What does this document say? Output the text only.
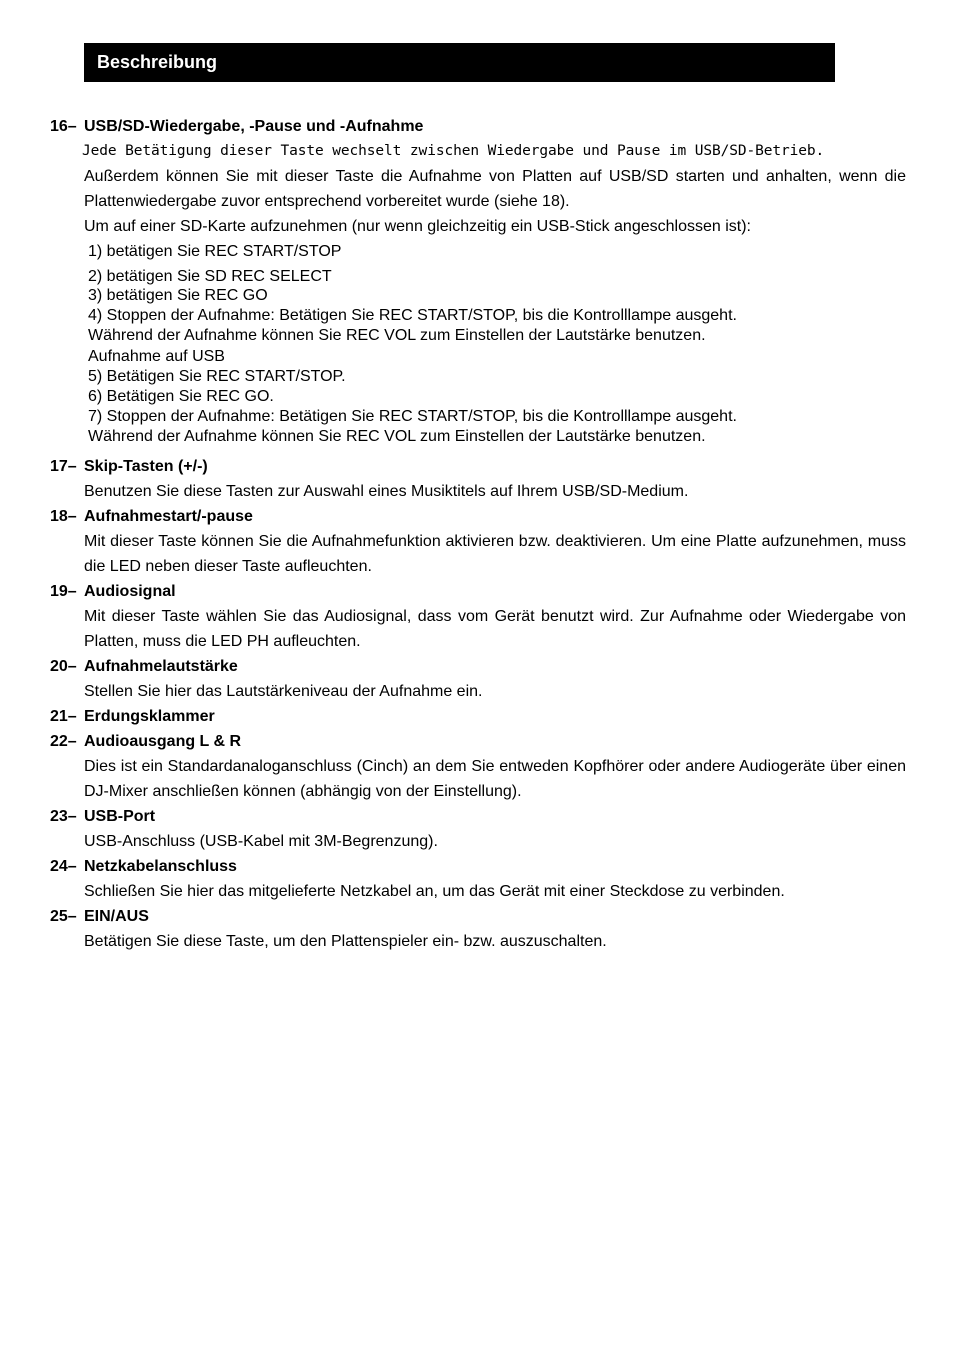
Beschreibung
16– USB/SD-Wiedergabe, -Pause und -Aufnahme
Jede Betätigung dieser Taste wechselt zwischen Wiedergabe und Pause im USB/SD-Betrieb.
Außerdem können Sie mit dieser Taste die Aufnahme von Platten auf USB/SD starten und anhalten, wenn die Plattenwiedergabe zuvor entsprechend vorbereitet wurde (siehe 18).
Um auf einer SD-Karte aufzunehmen (nur wenn gleichzeitig ein USB-Stick angeschlossen ist):
1) betätigen Sie REC START/STOP
2) betätigen Sie SD REC SELECT
3) betätigen Sie REC GO
4) Stoppen der Aufnahme: Betätigen Sie REC START/STOP, bis die Kontrolllampe ausgeht.
Während der Aufnahme können Sie REC VOL zum Einstellen der Lautstärke benutzen.
Aufnahme auf USB
5) Betätigen Sie REC START/STOP.
6) Betätigen Sie REC GO.
7) Stoppen der Aufnahme: Betätigen Sie REC START/STOP, bis die Kontrolllampe ausgeht.
Während der Aufnahme können Sie REC VOL zum Einstellen der Lautstärke benutzen.
17– Skip-Tasten (+/-)
Benutzen Sie diese Tasten zur Auswahl eines Musiktitels auf Ihrem USB/SD-Medium.
18– Aufnahmestart/-pause
Mit dieser Taste können Sie die Aufnahmefunktion aktivieren bzw. deaktivieren. Um eine Platte aufzunehmen, muss die LED neben dieser Taste aufleuchten.
19– Audiosignal
Mit dieser Taste wählen Sie das Audiosignal, dass vom Gerät benutzt wird. Zur Aufnahme oder Wiedergabe von Platten, muss die LED PH aufleuchten.
20– Aufnahmelautstärke
Stellen Sie hier das Lautstärkeniveau der Aufnahme ein.
21– Erdungsklammer
22– Audioausgang L & R
Dies ist ein Standardanaloganschluss (Cinch) an dem Sie entweden Kopfhörer oder andere Audiogeräte über einen DJ-Mixer anschließen können (abhängig von der Einstellung).
23– USB-Port
USB-Anschluss (USB-Kabel mit 3M-Begrenzung).
24– Netzkabelanschluss
Schließen Sie hier das mitgelieferte Netzkabel an, um das Gerät mit einer Steckdose zu verbinden.
25– EIN/AUS
Betätigen Sie diese Taste, um den Plattenspieler ein- bzw. auszuschalten.
